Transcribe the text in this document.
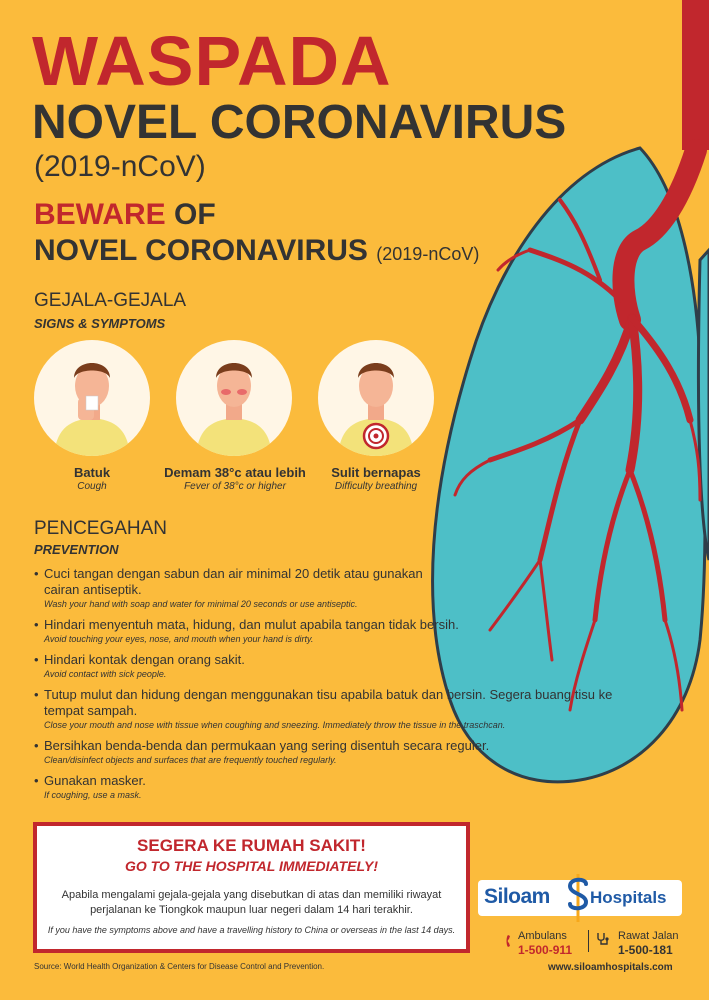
WASPADA
NOVEL CORONAVIRUS
(2019-nCoV)
BEWARE OF
NOVEL CORONAVIRUS (2019-nCoV)
GEJALA-GEJALA
SIGNS & SYMPTOMS
Batuk
Cough
Demam 38°c atau lebih
Fever of 38°c or higher
Sulit bernapas
Difficulty breathing
PENCEGAHAN
PREVENTION
• Cuci tangan dengan sabun dan air minimal 20 detik atau gunakan cairan antiseptik.
Wash your hand with soap and water for minimal 20 seconds or use antiseptic.
• Hindari menyentuh mata, hidung, dan mulut apabila tangan tidak bersih.
Avoid touching your eyes, nose, and mouth when your hand is dirty.
• Hindari kontak dengan orang sakit.
Avoid contact with sick people.
• Tutup mulut dan hidung dengan menggunakan tisu apabila batuk dan bersin. Segera buang tisu ke tempat sampah.
Close your mouth and nose with tissue when coughing and sneezing. Immediately throw the tissue in the traschcan.
• Bersihkan benda-benda dan permukaan yang sering disentuh secara reguler.
Clean/disinfect objects and surfaces that are frequently touched regularly.
• Gunakan masker.
If coughing, use a mask.
SEGERA KE RUMAH SAKIT!
GO TO THE HOSPITAL IMMEDIATELY!
Apabila mengalami gejala-gejala yang disebutkan di atas dan memiliki riwayat perjalanan ke Tiongkok maupun luar negeri dalam 14 hari terakhir.
If you have the symptoms above and have a travelling history to China or overseas in the last 14 days.
Source: World Health Organization & Centers for Disease Control and Prevention.
Siloam Hospitals
Ambulans
1-500-911
Rawat Jalan
1-500-181
www.siloamhospitals.com
